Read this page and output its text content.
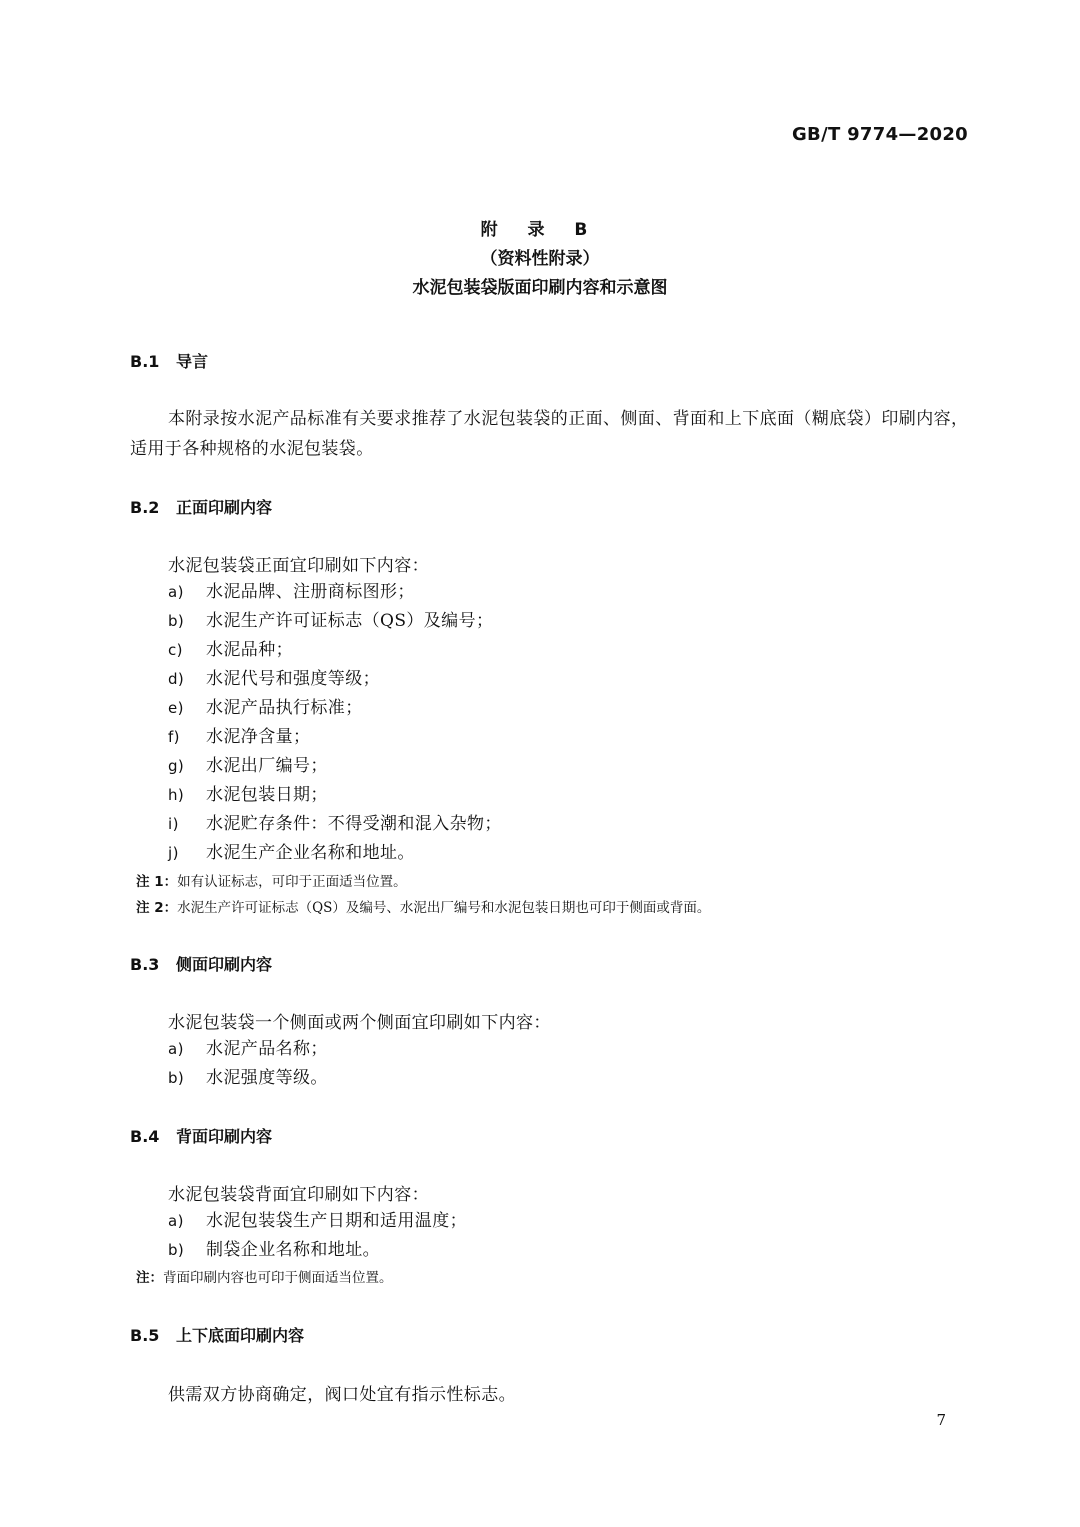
GB/T 9774—2020
附 录 B
（资料性附录）
水泥包装袋版面印刷内容和示意图
B.1 导言
本附录按水泥产品标准有关要求推荐了水泥包装袋的正面、侧面、背面和上下底面（糊底袋）印刷内容，适用于各种规格的水泥包装袋。
B.2 正面印刷内容
水泥包装袋正面宜印刷如下内容：
a) 水泥品牌、注册商标图形；
b) 水泥生产许可证标志（QS）及编号；
c) 水泥品种；
d) 水泥代号和强度等级；
e) 水泥产品执行标准；
f) 水泥净含量；
g) 水泥出厂编号；
h) 水泥包装日期；
i) 水泥贮存条件：不得受潮和混入杂物；
j) 水泥生产企业名称和地址。
注 1：如有认证标志，可印于正面适当位置。
注 2：水泥生产许可证标志（QS）及编号、水泥出厂编号和水泥包装日期也可印于侧面或背面。
B.3 侧面印刷内容
水泥包装袋一个侧面或两个侧面宜印刷如下内容：
a) 水泥产品名称；
b) 水泥强度等级。
B.4 背面印刷内容
水泥包装袋背面宜印刷如下内容：
a) 水泥包装袋生产日期和适用温度；
b) 制袋企业名称和地址。
注：背面印刷内容也可印于侧面适当位置。
B.5 上下底面印刷内容
供需双方协商确定，阀口处宜有指示性标志。
7
